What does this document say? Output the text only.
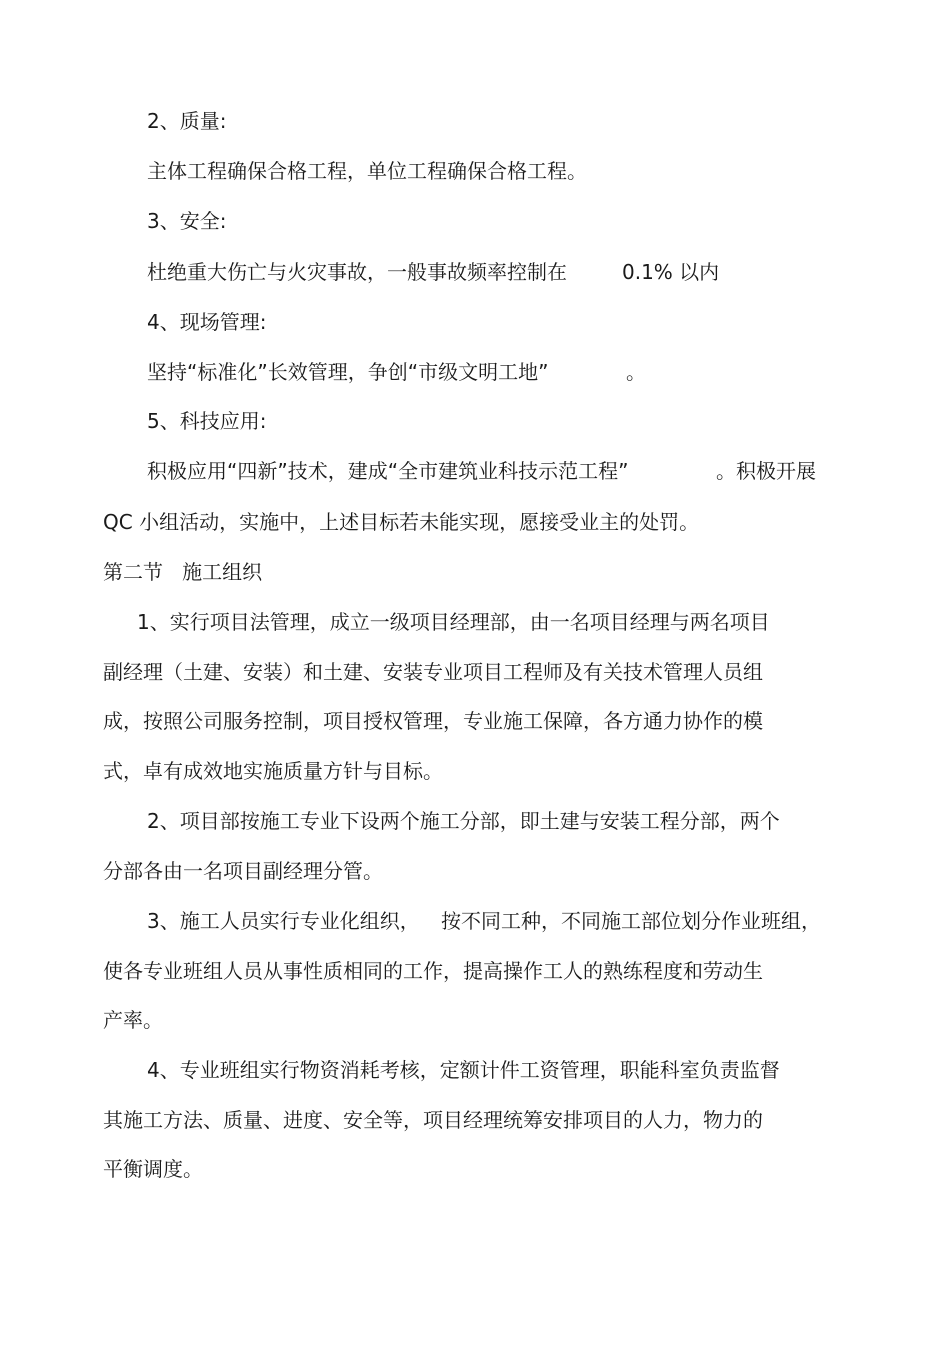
2、质量:
主体工程确保合格工程，单位工程确保合格工程。
3、安全:
杜绝重大伤亡与火灾事故，一般事故频率控制在	0.1% 以内
4、现场管理:
坚持“标准化”长效管理，争创“市级文明工地”	。
5、科技应用:
积极应用“四新”技术，建成“全市建筑业科技示范工程”	。积极开展
QC 小组活动，实施中，上述目标若未能实现，愿接受业主的处罚。
第二节   施工组织
1、实行项目法管理，成立一级项目经理部，由一名项目经理与两名项目
副经理（土建、安装）和土建、安装专业项目工程师及有关技术管理人员组
成，按照公司服务控制，项目授权管理，专业施工保障，各方通力协作的模
式，卓有成效地实施质量方针与目标。
2、项目部按施工专业下设两个施工分部，即土建与安装工程分部，两个
分部各由一名项目副经理分管。
3、施工人员实行专业化组织， 按不同工种，不同施工部位划分作业班组，
使各专业班组人员从事性质相同的工作，提高操作工人的熟练程度和劳动生
产率。
4、专业班组实行物资消耗考核，定额计件工资管理，职能科室负责监督
其施工方法、质量、进度、安全等，项目经理统筹安排项目的人力，物力的
平衡调度。
